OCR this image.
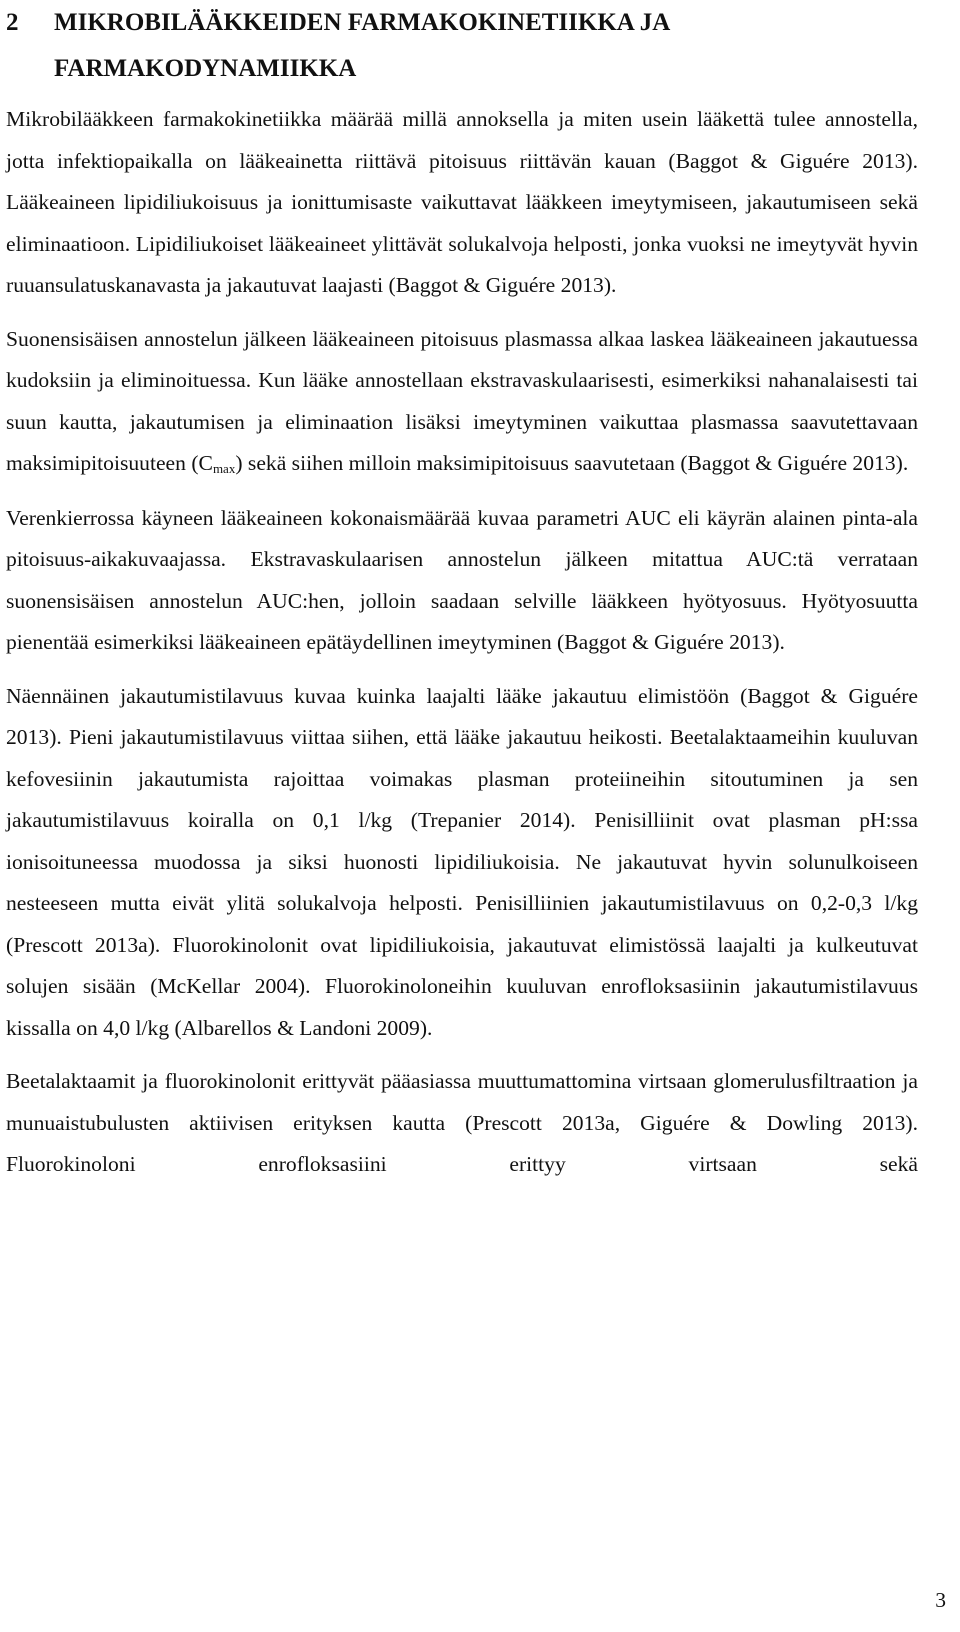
2	MIKROBILÄÄKKEIDEN FARMAKOKINETIIKKA JA FARMAKODYNAMIIKKA

Mikrobilääkkeen farmakokinetiikka määrää millä annoksella ja miten usein lääkettä tulee annostella, jotta infektiopaikalla on lääkeainetta riittävä pitoisuus riittävän kauan (Baggot & Giguére 2013). Lääkeaineen lipidiliukoisuus ja ionittumisaste vaikuttavat lääkkeen imeytymiseen, jakautumiseen sekä eliminaatioon. Lipidiliukoiset lääkeaineet ylittävät solukalvoja helposti, jonka vuoksi ne imeytyvät hyvin ruuansulatuskanavasta ja jakautuvat laajasti (Baggot & Giguére 2013).

Suonensisäisen annostelun jälkeen lääkeaineen pitoisuus plasmassa alkaa laskea lääkeaineen jakautuessa kudoksiin ja eliminoituessa. Kun lääke annostellaan ekstravaskulaarisesti, esimerkiksi nahanalaisesti tai suun kautta, jakautumisen ja eliminaation lisäksi imeytyminen vaikuttaa plasmassa saavutettavaan maksimipitoisuuteen $(C_{max})$ sekä siihen milloin maksimipitoisuus saavutetaan (Baggot & Giguére 2013).

Verenkierrossa käyneen lääkeaineen kokonaismäärää kuvaa parametri AUC eli käyrän alainen pinta-ala pitoisuus-aikakuvaajassa. Ekstravaskulaarisen annostelun jälkeen mitattua AUC:tä verrataan suonensisäisen annostelun AUC:hen, jolloin saadaan selville lääkkeen hyötyosuus. Hyötyosuutta pienentää esimerkiksi lääkeaineen epätäydellinen imeytyminen (Baggot & Giguére 2013).

Näennäinen jakautumistilavuus kuvaa kuinka laajalti lääke jakautuu elimistöön (Baggot & Giguére 2013). Pieni jakautumistilavuus viittaa siihen, että lääke jakautuu heikosti. Beetalaktaameihin kuuluvan kefovesiinin jakautumista rajoittaa voimakas plasman proteiineihin sitoutuminen ja sen jakautumistilavuus koiralla on 0,1 l/kg (Trepanier 2014). Penisilliinit ovat plasman pH:ssa ionisoituneessa muodossa ja siksi huonosti lipidiliukoisia. Ne jakautuvat hyvin solunulkoiseen nesteeseen mutta eivät ylitä solukalvoja helposti. Penisilliinien jakautumistilavuus on 0,2-0,3 l/kg (Prescott 2013a). Fluorokinolonit ovat lipidiliukoisia, jakautuvat elimistössä laajalti ja kulkeutuvat solujen sisään (McKellar 2004). Fluorokinoloneihin kuuluvan enrofloksasiinin jakautumistilavuus kissalla on 4,0 l/kg (Albarellos & Landoni 2009).

Beetalaktaamit ja fluorokinolonit erittyvät pääasiassa muuttumattomina virtsaan glomerulusfiltraation ja munuaistubulusten aktiivisen erityksen kautta (Prescott 2013a, Giguére & Dowling 2013). Fluorokinoloni enrofloksasiini erittyy virtsaan sekä

3
